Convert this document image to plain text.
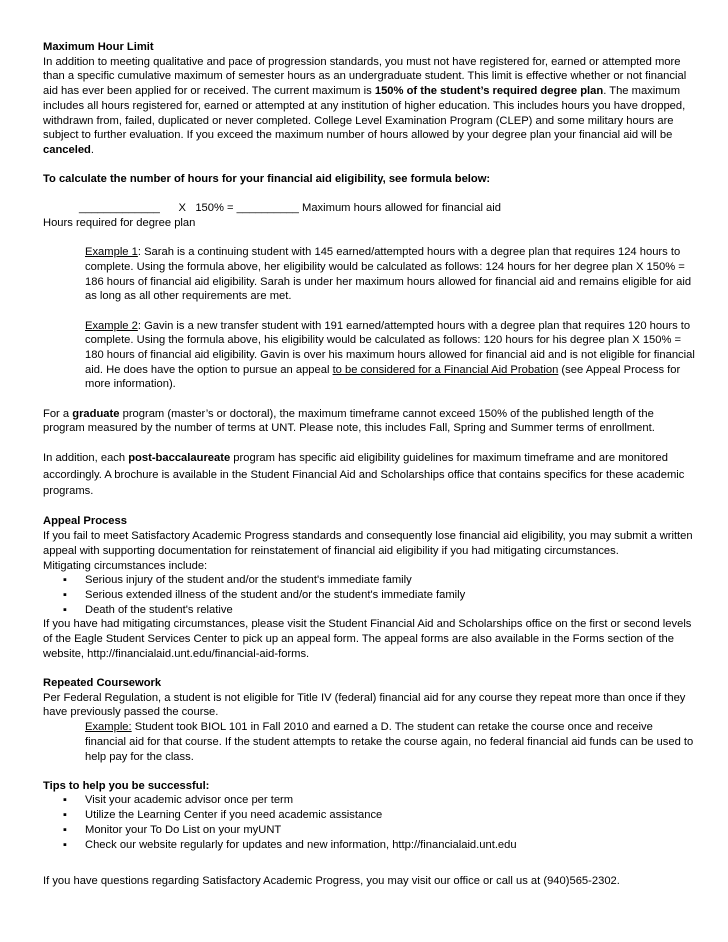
Maximum Hour Limit

In addition to meeting qualitative and pace of progression standards, you must not have registered for, earned or attempted more than a specific cumulative maximum of semester hours as an undergraduate student. This limit is effective whether or not financial aid has ever been applied for or received. The current maximum is 150% of the student’s required degree plan. The maximum includes all hours registered for, earned or attempted at any institution of higher education. This includes hours you have dropped, withdrawn from, failed, duplicated or never completed. College Level Examination Program (CLEP) and some military hours are subject to further evaluation. If you exceed the maximum number of hours allowed by your degree plan your financial aid will be canceled.

To calculate the number of hours for your financial aid eligibility, see formula below:

_____________      X   150% = __________ Maximum hours allowed for financial aid

Hours required for degree plan

Example 1: Sarah is a continuing student with 145 earned/attempted hours with a degree plan that requires 124 hours to complete. Using the formula above, her eligibility would be calculated as follows: 124 hours for her degree plan X 150% = 186 hours of financial aid eligibility. Sarah is under her maximum hours allowed for financial aid and remains eligible for aid as long as all other requirements are met.

Example 2: Gavin is a new transfer student with 191 earned/attempted hours with a degree plan that requires 120 hours to complete. Using the formula above, his eligibility would be calculated as follows: 120 hours for his degree plan X 150% = 180 hours of financial aid eligibility. Gavin is over his maximum hours allowed for financial aid and is not eligible for financial aid. He does have the option to pursue an appeal to be considered for a Financial Aid Probation (see Appeal Process for more information).

For a graduate program (master’s or doctoral), the maximum timeframe cannot exceed 150% of the published length of the program measured by the number of terms at UNT. Please note, this includes Fall, Spring and Summer terms of enrollment.

In addition, each post-baccalaureate program has specific aid eligibility guidelines for maximum timeframe and are monitored accordingly. A brochure is available in the Student Financial Aid and Scholarships office that contains specifics for these academic programs.

Appeal Process

If you fail to meet Satisfactory Academic Progress standards and consequently lose financial aid eligibility, you may submit a written appeal with supporting documentation for reinstatement of financial aid eligibility if you had mitigating circumstances.

Mitigating circumstances include:

▪ Serious injury of the student and/or the student's immediate family
▪ Serious extended illness of the student and/or the student's immediate family
▪ Death of the student's relative

If you have had mitigating circumstances, please visit the Student Financial Aid and Scholarships office on the first or second levels of the Eagle Student Services Center to pick up an appeal form. The appeal forms are also available in the Forms section of the website, http://financialaid.unt.edu/financial-aid-forms.

Repeated Coursework

Per Federal Regulation, a student is not eligible for Title IV (federal) financial aid for any course they repeat more than once if they have previously passed the course.

Example: Student took BIOL 101 in Fall 2010 and earned a D. The student can retake the course once and receive financial aid for that course. If the student attempts to retake the course again, no federal financial aid funds can be used to help pay for the class.

Tips to help you be successful:

▪ Visit your academic advisor once per term
▪ Utilize the Learning Center if you need academic assistance
▪ Monitor your To Do List on your myUNT
▪ Check our website regularly for updates and new information, http://financialaid.unt.edu

If you have questions regarding Satisfactory Academic Progress, you may visit our office or call us at (940)565-2302.
